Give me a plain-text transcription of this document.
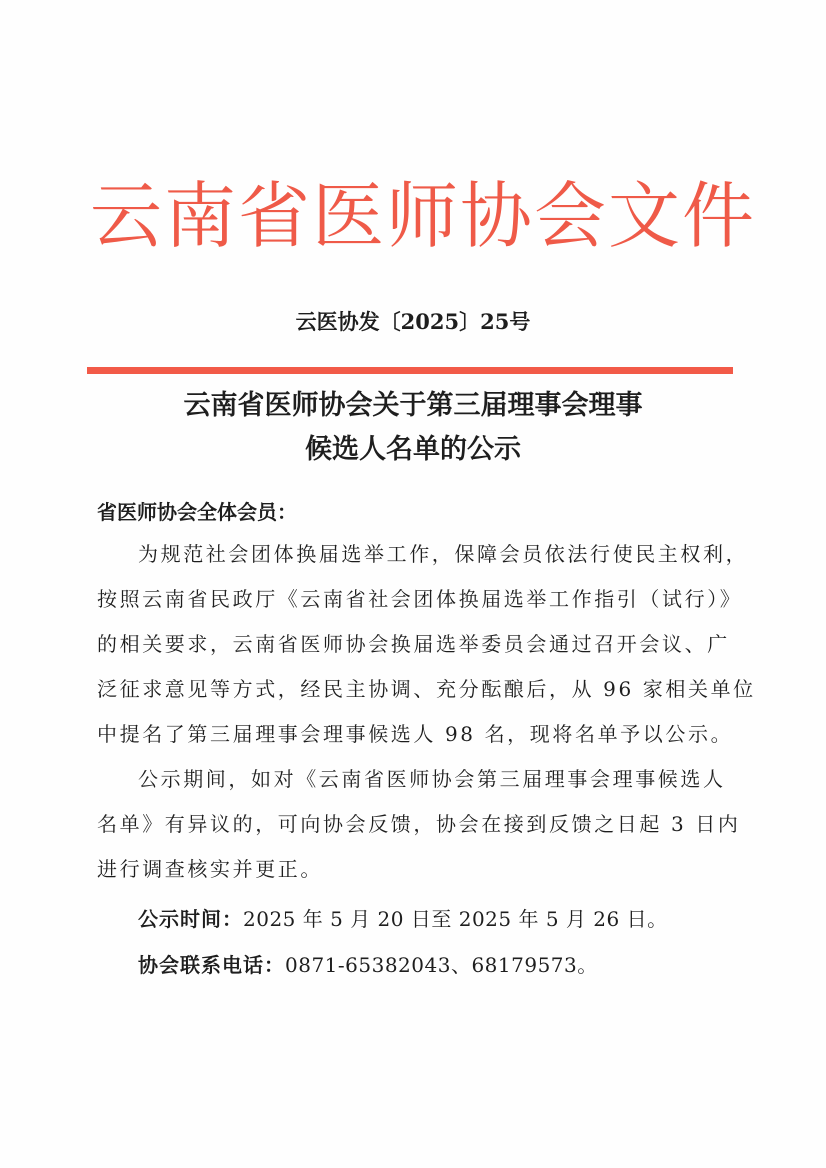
云南省医师协会文件
云医协发〔2025〕25号
云南省医师协会关于第三届理事会理事
候选人名单的公示
省医师协会全体会员：
为规范社会团体换届选举工作，保障会员依法行使民主权利，
按照云南省民政厅《云南省社会团体换届选举工作指引（试行）》
的相关要求，云南省医师协会换届选举委员会通过召开会议、广
泛征求意见等方式，经民主协调、充分酝酿后，从 96 家相关单位
中提名了第三届理事会理事候选人 98 名，现将名单予以公示。
公示期间，如对《云南省医师协会第三届理事会理事候选人
名单》有异议的，可向协会反馈，协会在接到反馈之日起 3 日内
进行调查核实并更正。
公示时间：2025 年 5 月 20 日至 2025 年 5 月 26 日。
协会联系电话：0871-65382043、68179573。
